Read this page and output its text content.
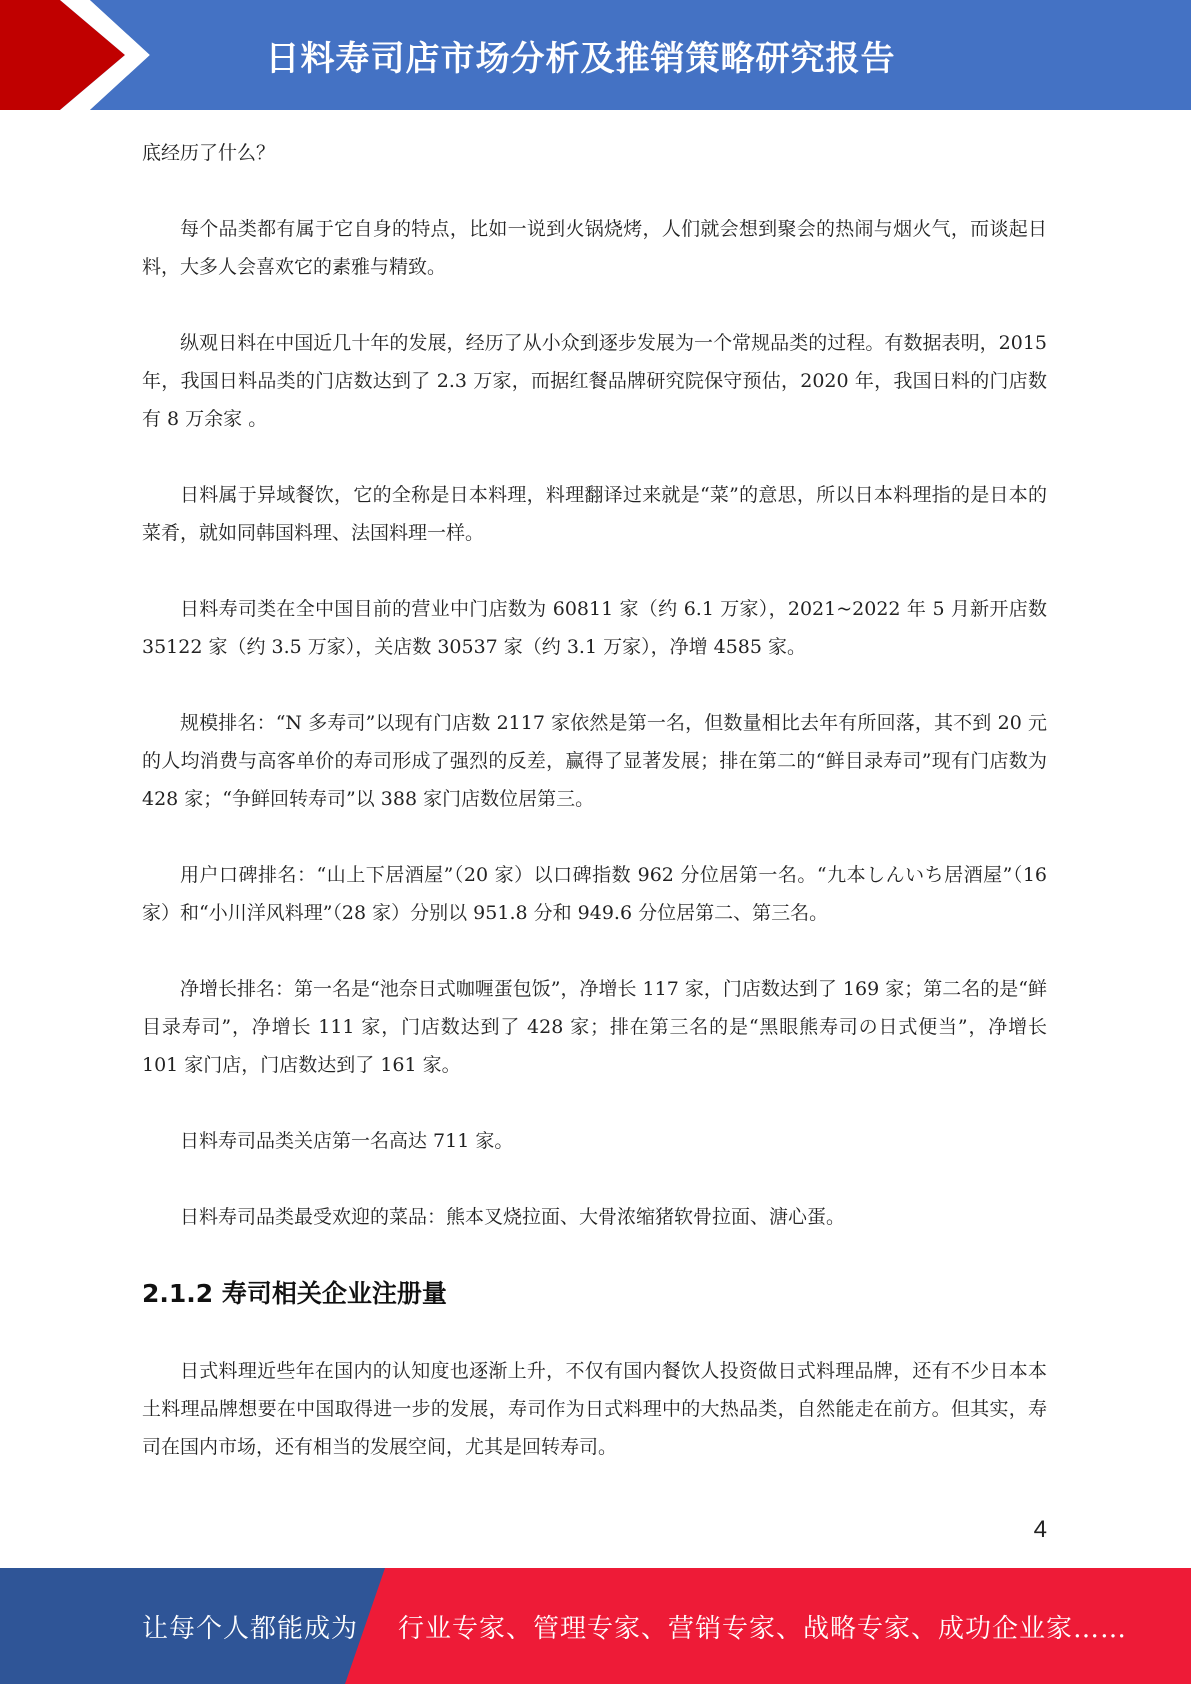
日料寿司店市场分析及推销策略研究报告

底经历了什么？

每个品类都有属于它自身的特点，比如一说到火锅烧烤，人们就会想到聚会的热闹与烟火气，而谈起日料，大多人会喜欢它的素雅与精致。

纵观日料在中国近几十年的发展，经历了从小众到逐步发展为一个常规品类的过程。有数据表明，2015 年，我国日料品类的门店数达到了 2.3 万家，而据红餐品牌研究院保守预估，2020 年，我国日料的门店数有 8 万余家 。

日料属于异域餐饮，它的全称是日本料理，料理翻译过来就是“菜”的意思，所以日本料理指的是日本的菜肴，就如同韩国料理、法国料理一样。

日料寿司类在全中国目前的营业中门店数为 60811 家（约 6.1 万家），2021~2022 年 5 月新开店数 35122 家（约 3.5 万家），关店数 30537 家（约 3.1 万家），净增 4585 家。

规模排名：“N 多寿司”以现有门店数 2117 家依然是第一名，但数量相比去年有所回落，其不到 20 元的人均消费与高客单价的寿司形成了强烈的反差，赢得了显著发展；排在第二的“鲜目录寿司”现有门店数为 428 家；“争鲜回转寿司”以 388 家门店数位居第三。

用户口碑排名：“山上下居酒屋”（20 家）以口碑指数 962 分位居第一名。“九本しんいち居酒屋”（16 家）和“小川洋风料理”（28 家）分别以 951.8 分和 949.6 分位居第二、第三名。

净增长排名：第一名是“池奈日式咖喱蛋包饭”，净增长 117 家，门店数达到了 169 家；第二名的是“鲜目录寿司”，净增长 111 家，门店数达到了 428 家；排在第三名的是“黑眼熊寿司の日式便当”，净增长 101 家门店，门店数达到了 161 家。

日料寿司品类关店第一名高达 711 家。

日料寿司品类最受欢迎的菜品：熊本叉烧拉面、大骨浓缩猪软骨拉面、溏心蛋。

2.1.2 寿司相关企业注册量

日式料理近些年在国内的认知度也逐渐上升，不仅有国内餐饮人投资做日式料理品牌，还有不少日本本土料理品牌想要在中国取得进一步的发展，寿司作为日式料理中的大热品类，自然能走在前方。但其实，寿司在国内市场，还有相当的发展空间，尤其是回转寿司。

4
让每个人都能成为 行业专家、管理专家、营销专家、战略专家、成功企业家……
